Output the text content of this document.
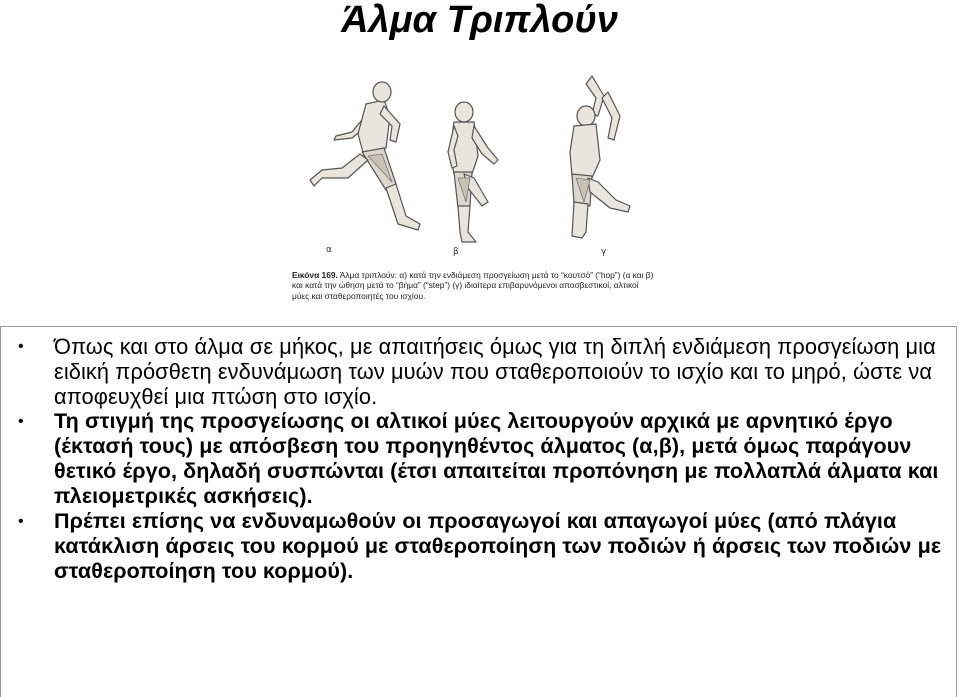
Άλμα Τριπλούν
α	β	γ
Εικόνα 169. Άλμα τριπλούν: α) κατά την ενδιάμεση προσγείωση μετά το “κουτσό” (“hop”) (α και β) και κατά την ώθηση μετά το “βήμα” (“step”) (γ) ιδιαίτερα επιβαρυνόμενοι αποσβεστικοί, αλτικοί μύες και σταθεροποιητές του ισχίου.
• Όπως και στο άλμα σε μήκος, με απαιτήσεις όμως για τη διπλή ενδιάμεση προσγείωση μια ειδική πρόσθετη ενδυνάμωση των μυών που σταθεροποιούν το ισχίο και το μηρό, ώστε να αποφευχθεί μια πτώση στο ισχίο.
• Τη στιγμή της προσγείωσης οι αλτικοί μύες λειτουργούν αρχικά με αρνητικό έργο (έκτασή τους) με απόσβεση του προηγηθέντος άλματος (α,β), μετά όμως παράγουν θετικό έργο, δηλαδή συσπώνται (έτσι απαιτείται προπόνηση με πολλαπλά άλματα και πλειομετρικές ασκήσεις).
• Πρέπει επίσης να ενδυναμωθούν οι προσαγωγοί και απαγωγοί μύες (από πλάγια κατάκλιση άρσεις του κορμού με σταθεροποίηση των ποδιών ή άρσεις των ποδιών με σταθεροποίηση του κορμού).
